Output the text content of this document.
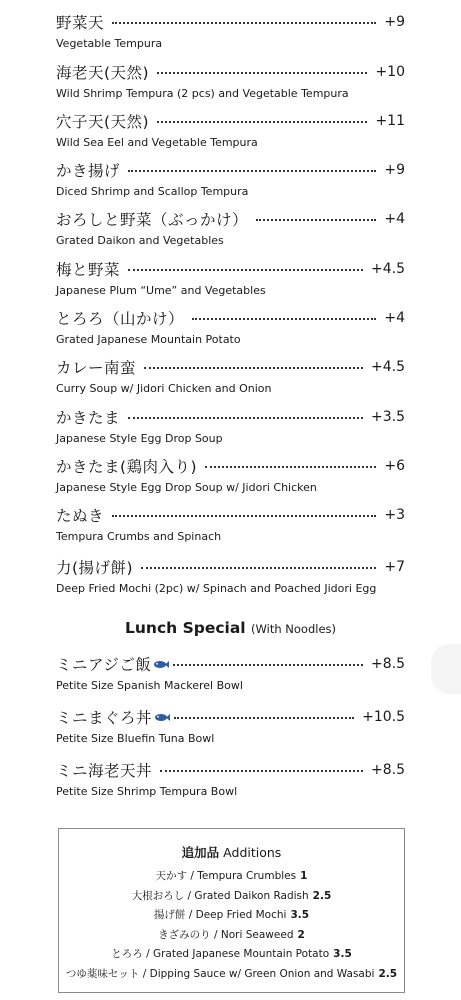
野菜天	+9
Vegetable Tempura
海老天(天然)	+10
Wild Shrimp Tempura (2 pcs) and Vegetable Tempura
穴子天(天然)	+11
Wild Sea Eel and Vegetable Tempura
かき揚げ	+9
Diced Shrimp and Scallop Tempura
おろしと野菜（ぶっかけ）	+4
Grated Daikon and Vegetables
梅と野菜	+4.5
Japanese Plum “Ume” and Vegetables
とろろ（山かけ）	+4
Grated Japanese Mountain Potato
カレー南蛮	+4.5
Curry Soup w/ Jidori Chicken and Onion
かきたま	+3.5
Japanese Style Egg Drop Soup
かきたま(鶏肉入り)	+6
Japanese Style Egg Drop Soup w/ Jidori Chicken
たぬき	+3
Tempura Crumbs and Spinach
力(揚げ餅)	+7
Deep Fried Mochi (2pc) w/ Spinach and Poached Jidori Egg
Lunch Special (With Noodles)
ミニアジご飯	+8.5
Petite Size Spanish Mackerel Bowl
ミニまぐろ丼	+10.5
Petite Size Bluefin Tuna Bowl
ミニ海老天丼	+8.5
Petite Size Shrimp Tempura Bowl
追加品 Additions
天かす / Tempura Crumbles 1
大根おろし / Grated Daikon Radish 2.5
揚げ餅 / Deep Fried Mochi 3.5
きざみのり / Nori Seaweed 2
とろろ / Grated Japanese Mountain Potato 3.5
つゆ薬味セット / Dipping Sauce w/ Green Onion and Wasabi 2.5
